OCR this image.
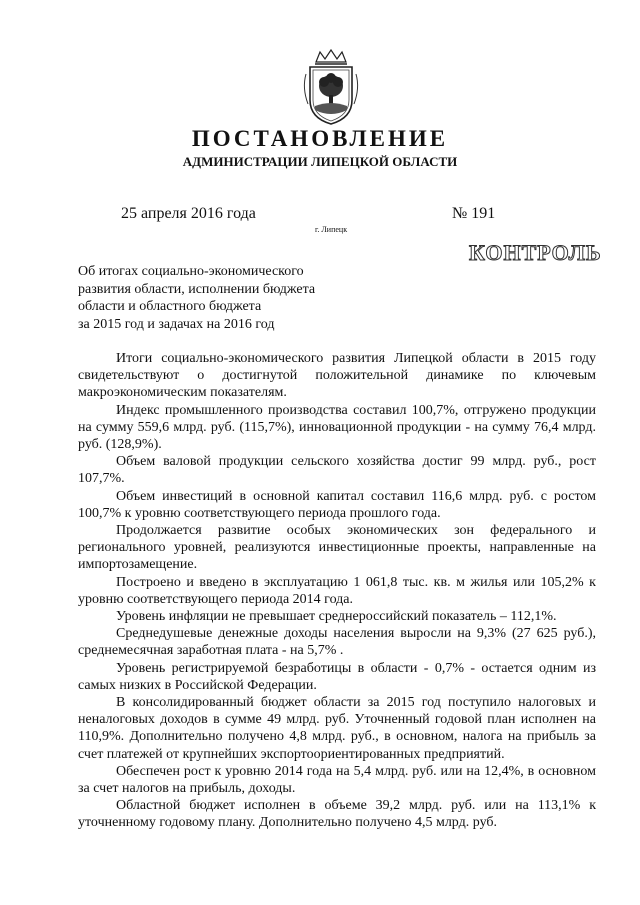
ПОСТАНОВЛЕНИЕ
АДМИНИСТРАЦИИ ЛИПЕЦКОЙ ОБЛАСТИ
25 апреля 2016 года	№ 191
г. Липецк
КОНТРОЛЬ
Об итогах социально-экономического
развития области, исполнении бюджета
области и областного бюджета
за 2015 год и задачах на 2016 год

Итоги социально-экономического развития Липецкой области в 2015 году свидетельствуют о достигнутой положительной динамике по ключевым макроэкономическим показателям.

Индекс промышленного производства составил 100,7%, отгружено продукции на сумму 559,6 млрд. руб. (115,7%), инновационной продукции - на сумму 76,4 млрд. руб. (128,9%).

Объем валовой продукции сельского хозяйства достиг 99 млрд. руб., рост 107,7%.

Объем инвестиций в основной капитал составил 116,6 млрд. руб. с ростом 100,7% к уровню соответствующего периода прошлого года.

Продолжается развитие особых экономических зон федерального и регионального уровней, реализуются инвестиционные проекты, направленные на импортозамещение.

Построено и введено в эксплуатацию 1 061,8 тыс. кв. м жилья или 105,2% к уровню соответствующего периода 2014 года.

Уровень инфляции не превышает среднероссийский показатель – 112,1%.

Среднедушевые денежные доходы населения выросли на 9,3% (27 625 руб.), среднемесячная заработная плата - на 5,7% .

Уровень регистрируемой безработицы в области - 0,7% - остается одним из самых низких в Российской Федерации.

В консолидированный бюджет области за 2015 год поступило налоговых и неналоговых доходов в сумме 49 млрд. руб. Уточненный годовой план исполнен на 110,9%. Дополнительно получено 4,8 млрд. руб., в основном, налога на прибыль за счет платежей от крупнейших экспортоориентированных предприятий.

Обеспечен рост к уровню 2014 года на 5,4 млрд. руб. или на 12,4%, в основном за счет налогов на прибыль, доходы.

Областной бюджет исполнен в объеме 39,2 млрд. руб. или на 113,1% к уточненному годовому плану. Дополнительно получено 4,5 млрд. руб.
